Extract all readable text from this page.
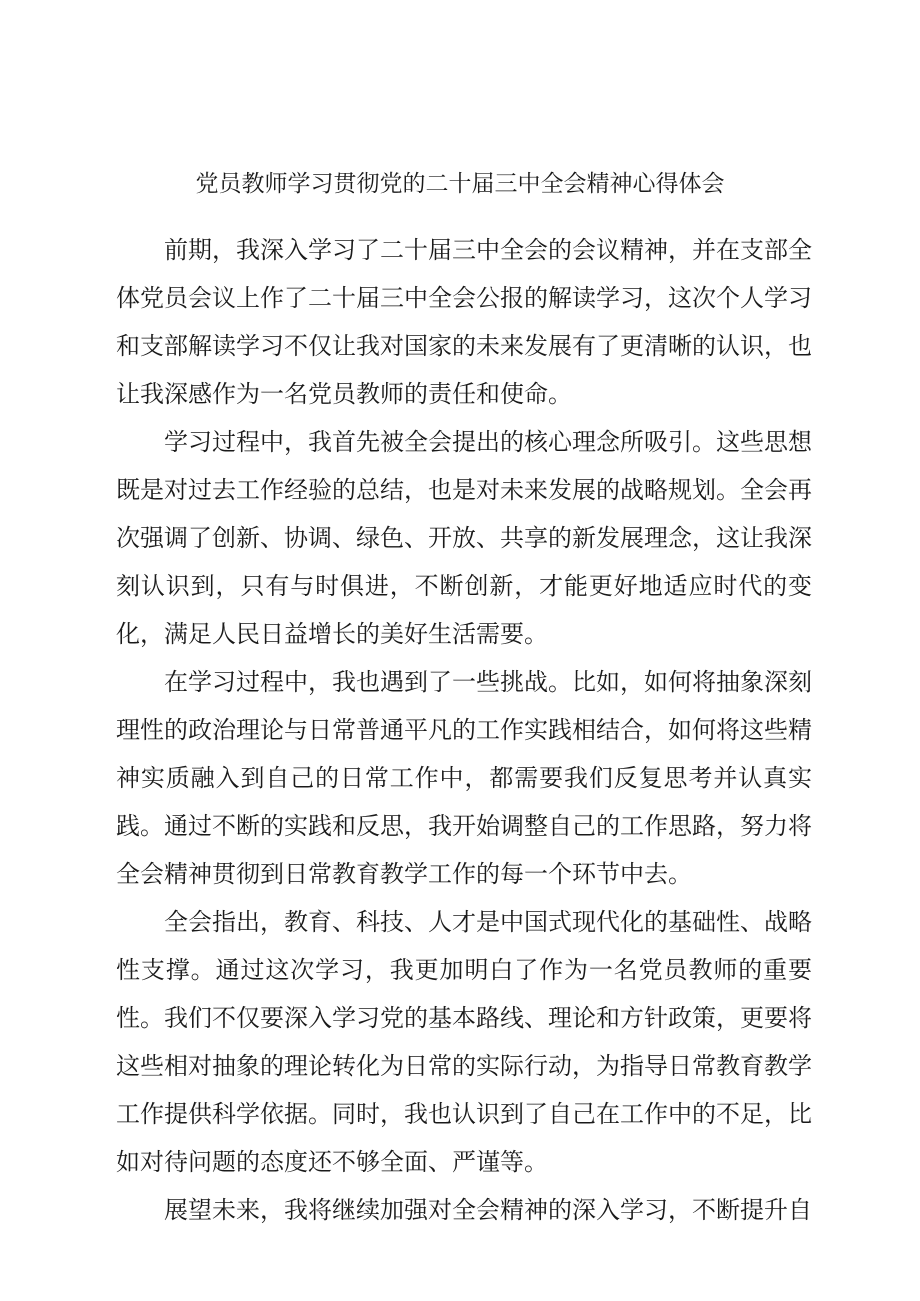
党员教师学习贯彻党的二十届三中全会精神心得体会

前期，我深入学习了二十届三中全会的会议精神，并在支部全体党员会议上作了二十届三中全会公报的解读学习，这次个人学习和支部解读学习不仅让我对国家的未来发展有了更清晰的认识，也让我深感作为一名党员教师的责任和使命。

学习过程中，我首先被全会提出的核心理念所吸引。这些思想既是对过去工作经验的总结，也是对未来发展的战略规划。全会再次强调了创新、协调、绿色、开放、共享的新发展理念，这让我深刻认识到，只有与时俱进，不断创新，才能更好地适应时代的变化，满足人民日益增长的美好生活需要。

在学习过程中，我也遇到了一些挑战。比如，如何将抽象深刻理性的政治理论与日常普通平凡的工作实践相结合，如何将这些精神实质融入到自己的日常工作中，都需要我们反复思考并认真实践。通过不断的实践和反思，我开始调整自己的工作思路，努力将全会精神贯彻到日常教育教学工作的每一个环节中去。

全会指出，教育、科技、人才是中国式现代化的基础性、战略性支撑。通过这次学习，我更加明白了作为一名党员教师的重要性。我们不仅要深入学习党的基本路线、理论和方针政策，更要将这些相对抽象的理论转化为日常的实际行动，为指导日常教育教学工作提供科学依据。同时，我也认识到了自己在工作中的不足，比如对待问题的态度还不够全面、严谨等。

展望未来，我将继续加强对全会精神的深入学习，不断提升自
